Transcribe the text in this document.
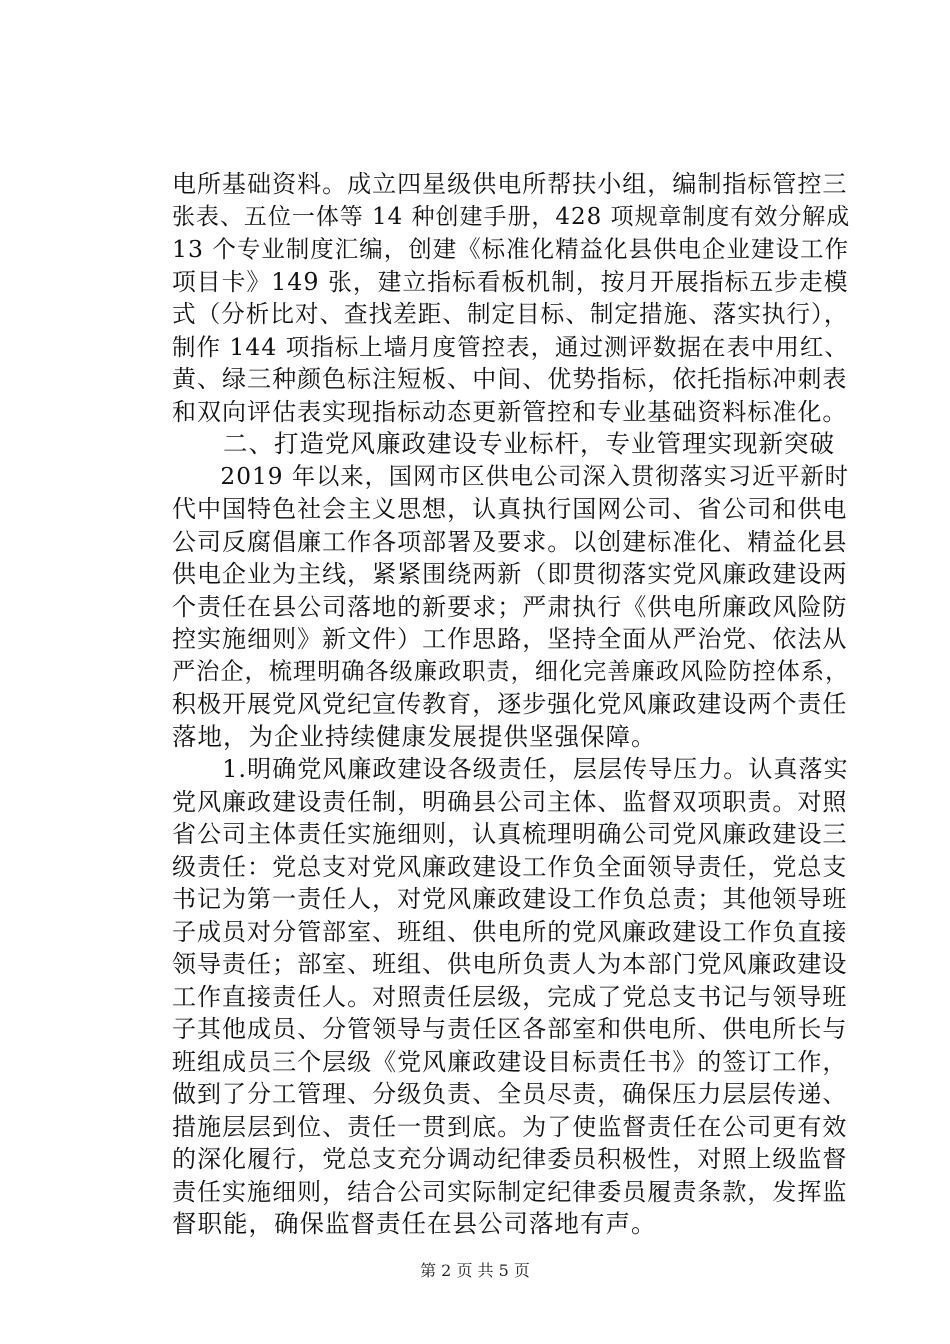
电所基础资料。成立四星级供电所帮扶小组，编制指标管控三
张表、五位一体等 14 种创建手册，428 项规章制度有效分解成
13 个专业制度汇编，创建《标准化精益化县供电企业建设工作
项目卡》149 张，建立指标看板机制，按月开展指标五步走模
式（分析比对、查找差距、制定目标、制定措施、落实执行），
制作 144 项指标上墙月度管控表，通过测评数据在表中用红、
黄、绿三种颜色标注短板、中间、优势指标，依托指标冲刺表
和双向评估表实现指标动态更新管控和专业基础资料标准化。
　　二、打造党风廉政建设专业标杆，专业管理实现新突破
　　2019 年以来，国网市区供电公司深入贯彻落实习近平新时
代中国特色社会主义思想，认真执行国网公司、省公司和供电
公司反腐倡廉工作各项部署及要求。以创建标准化、精益化县
供电企业为主线，紧紧围绕两新（即贯彻落实党风廉政建设两
个责任在县公司落地的新要求；严肃执行《供电所廉政风险防
控实施细则》新文件）工作思路，坚持全面从严治党、依法从
严治企，梳理明确各级廉政职责，细化完善廉政风险防控体系，
积极开展党风党纪宣传教育，逐步强化党风廉政建设两个责任
落地，为企业持续健康发展提供坚强保障。
　　1.明确党风廉政建设各级责任，层层传导压力。认真落实
党风廉政建设责任制，明确县公司主体、监督双项职责。对照
省公司主体责任实施细则，认真梳理明确公司党风廉政建设三
级责任：党总支对党风廉政建设工作负全面领导责任，党总支
书记为第一责任人，对党风廉政建设工作负总责；其他领导班
子成员对分管部室、班组、供电所的党风廉政建设工作负直接
领导责任；部室、班组、供电所负责人为本部门党风廉政建设
工作直接责任人。对照责任层级，完成了党总支书记与领导班
子其他成员、分管领导与责任区各部室和供电所、供电所长与
班组成员三个层级《党风廉政建设目标责任书》的签订工作，
做到了分工管理、分级负责、全员尽责，确保压力层层传递、
措施层层到位、责任一贯到底。为了使监督责任在公司更有效
的深化履行，党总支充分调动纪律委员积极性，对照上级监督
责任实施细则，结合公司实际制定纪律委员履责条款，发挥监
督职能，确保监督责任在县公司落地有声。
第 2 页 共 5 页
